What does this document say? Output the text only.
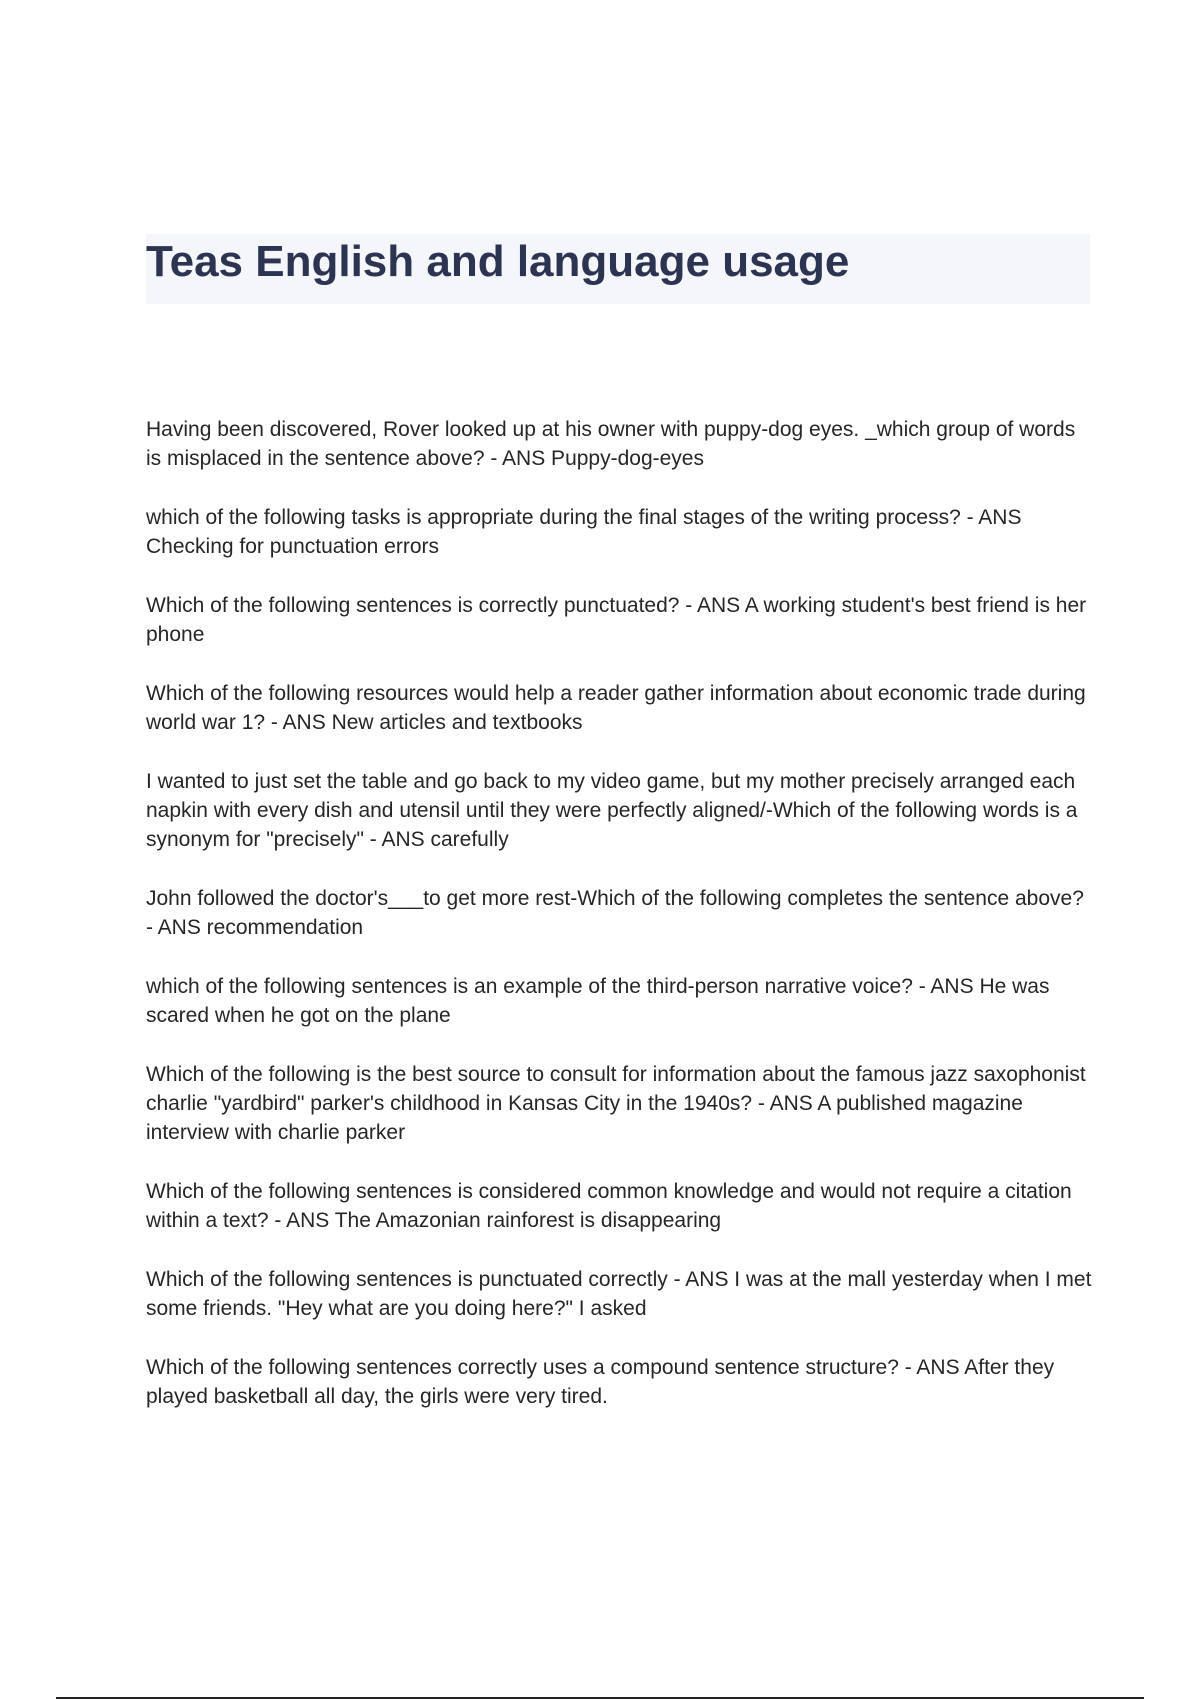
Teas English and language usage
Having been discovered, Rover looked up at his owner with puppy-dog eyes. _which group of words is misplaced in the sentence above? - ANS Puppy-dog-eyes
which of the following tasks is appropriate during the final stages of the writing process? - ANS Checking for punctuation errors
Which of the following sentences is correctly punctuated? - ANS A working student's best friend is her phone
Which of the following resources would help a reader gather information about economic trade during world war 1? - ANS New articles and textbooks
I wanted to just set the table and go back to my video game, but my mother precisely arranged each napkin with every dish and utensil until they were perfectly aligned/-Which of the following words is a synonym for "precisely" - ANS carefully
John followed the doctor's___to get more rest-Which of the following completes the sentence above? - ANS recommendation
which of the following sentences is an example of the third-person narrative voice? - ANS He was scared when he got on the plane
Which of the following is the best source to consult for information about the famous jazz saxophonist charlie "yardbird" parker's childhood in Kansas City in the 1940s? - ANS A published magazine interview with charlie parker
Which of the following sentences is considered common knowledge and would not require a citation within a text? - ANS The Amazonian rainforest is disappearing
Which of the following sentences is punctuated correctly - ANS I was at the mall yesterday when I met some friends. "Hey what are you doing here?" I asked
Which of the following sentences correctly uses a compound sentence structure? - ANS After they played basketball all day, the girls were very tired.
